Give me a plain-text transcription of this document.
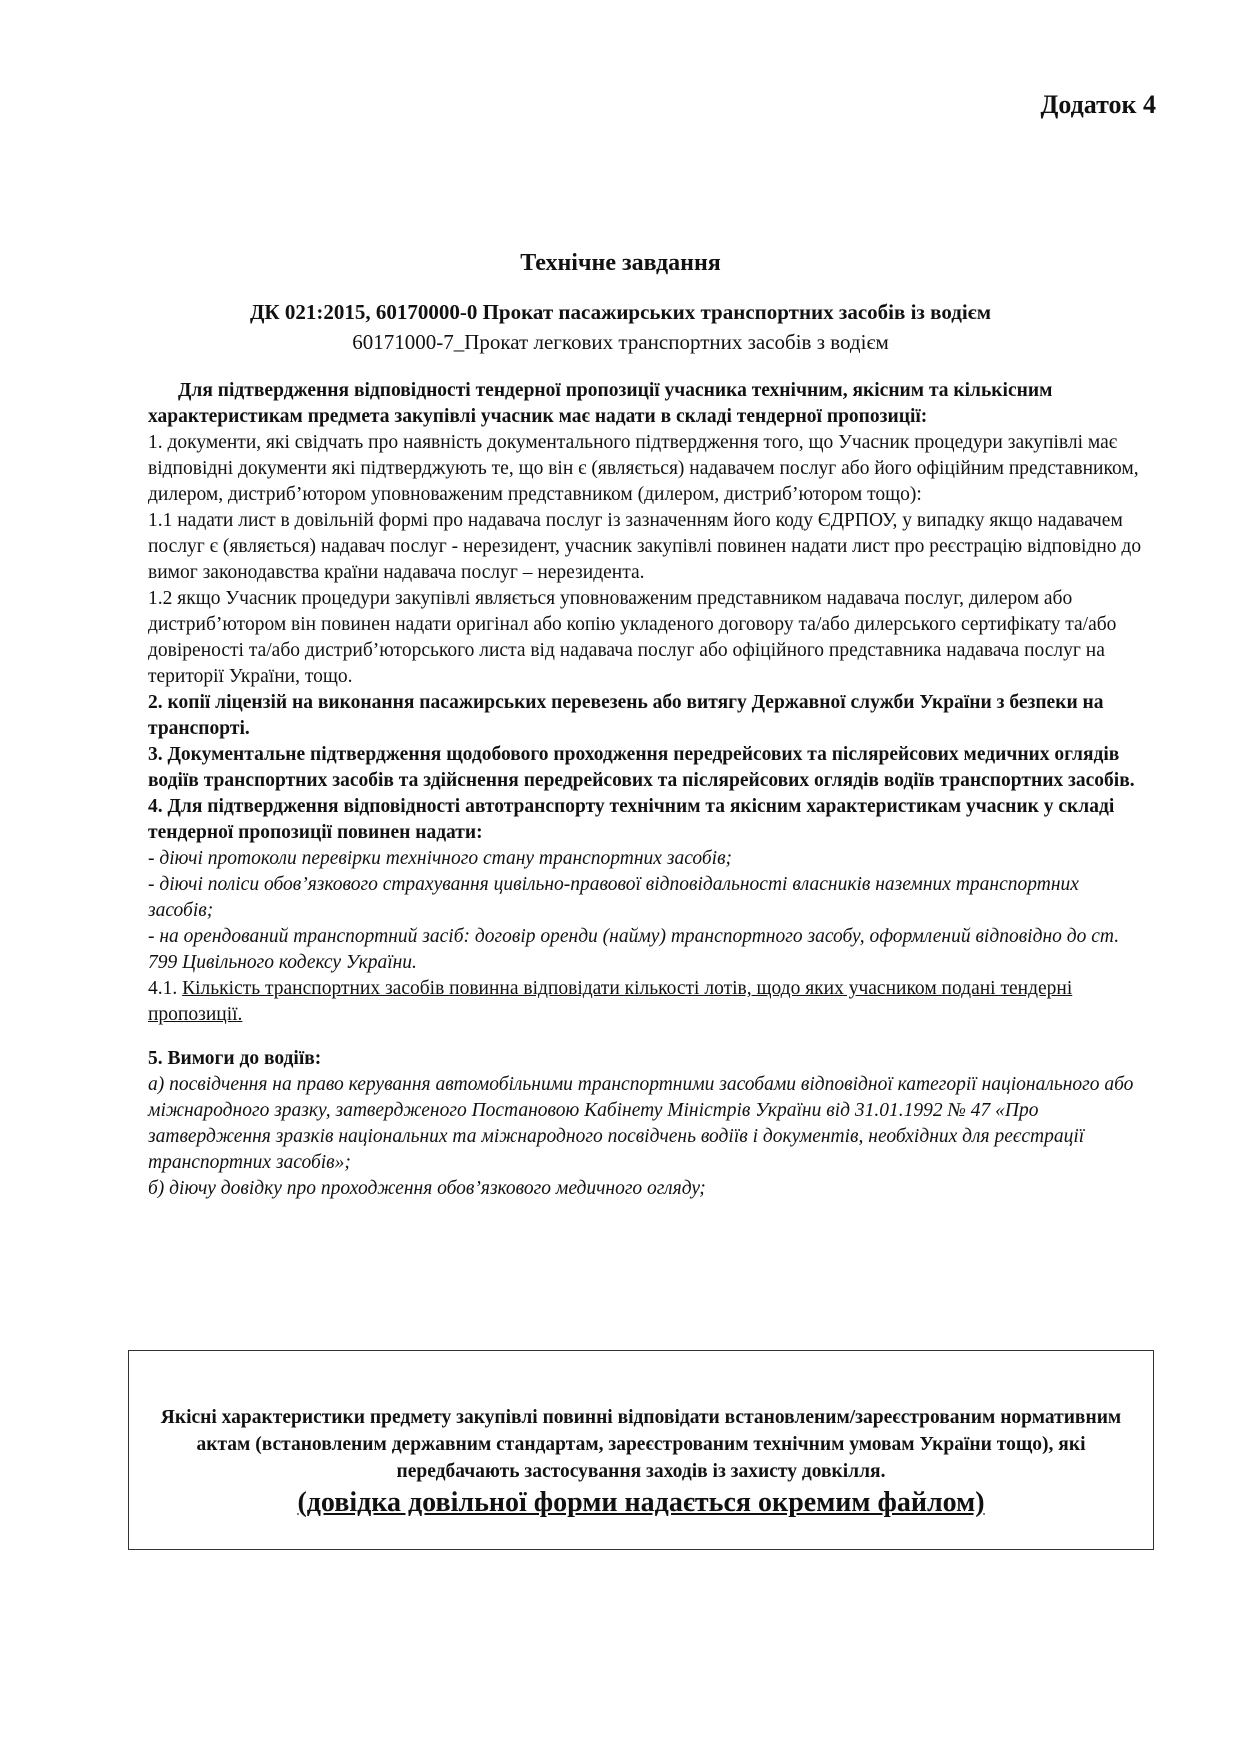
Додаток 4
Технічне завдання
ДК 021:2015, 60170000-0 Прокат пасажирських транспортних засобів із водієм
60171000-7_Прокат легкових транспортних засобів з водієм

Для підтвердження відповідності тендерної пропозиції учасника технічним, якісним та кількісним характеристикам предмета закупівлі учасник має надати в складі тендерної пропозиції:

1. документи, які свідчать про наявність документального підтвердження того, що Учасник процедури закупівлі має відповідні документи які підтверджують те, що він є (являється) надавачем послуг або його офіційним представником, дилером, дистриб’ютором уповноваженим представником (дилером, дистриб’ютором тощо):

1.1 надати лист в довільній формі про надавача послуг із зазначенням його коду ЄДРПОУ, у випадку якщо надавачем послуг є (являється) надавач послуг - нерезидент, учасник закупівлі повинен надати лист про реєстрацію відповідно до вимог законодавства країни надавача послуг – нерезидента.

1.2 якщо Учасник процедури закупівлі являється уповноваженим представником надавача послуг, дилером або дистриб’ютором він повинен надати оригінал або копію укладеного договору та/або дилерського сертифікату та/або довіреності та/або дистриб’юторського листа від надавача послуг або офіційного представника надавача послуг на території України, тощо.

2. копії ліцензій на виконання пасажирських перевезень або витягу Державної служби України з безпеки на транспорті.

3. Документальне підтвердження щодобового проходження передрейсових та післярейсових медичних оглядів водіїв транспортних засобів та здійснення передрейсових та післярейсових оглядів водіїв транспортних засобів.

4. Для підтвердження відповідності автотранспорту технічним та якісним характеристикам учасник у складі тендерної пропозиції повинен надати:

- діючі протоколи перевірки технічного стану транспортних засобів;

- діючі поліси обов’язкового страхування цивільно-правової відповідальності власників наземних транспортних засобів;

- на орендований транспортний засіб: договір оренди (найму) транспортного засобу, оформлений відповідно до ст. 799 Цивільного кодексу України.

4.1. Кількість транспортних засобів повинна відповідати кількості лотів, щодо яких учасником подані тендерні пропозиції.

5. Вимоги до водіїв:

а) посвідчення на право керування автомобільними транспортними засобами відповідної категорії національного або міжнародного зразку, затвердженого Постановою Кабінету Міністрів України від 31.01.1992 № 47 «Про затвердження зразків національних та міжнародного посвідчень водіїв і документів, необхідних для реєстрації транспортних засобів»;

б) діючу довідку про проходження обов’язкового медичного огляду;

Якісні характеристики предмету закупівлі повинні відповідати встановленим/зареєстрованим нормативним актам (встановленим державним стандартам, зареєстрованим технічним умовам України тощо), які передбачають застосування заходів із захисту довкілля.
(довідка довільної форми надається окремим файлом)
